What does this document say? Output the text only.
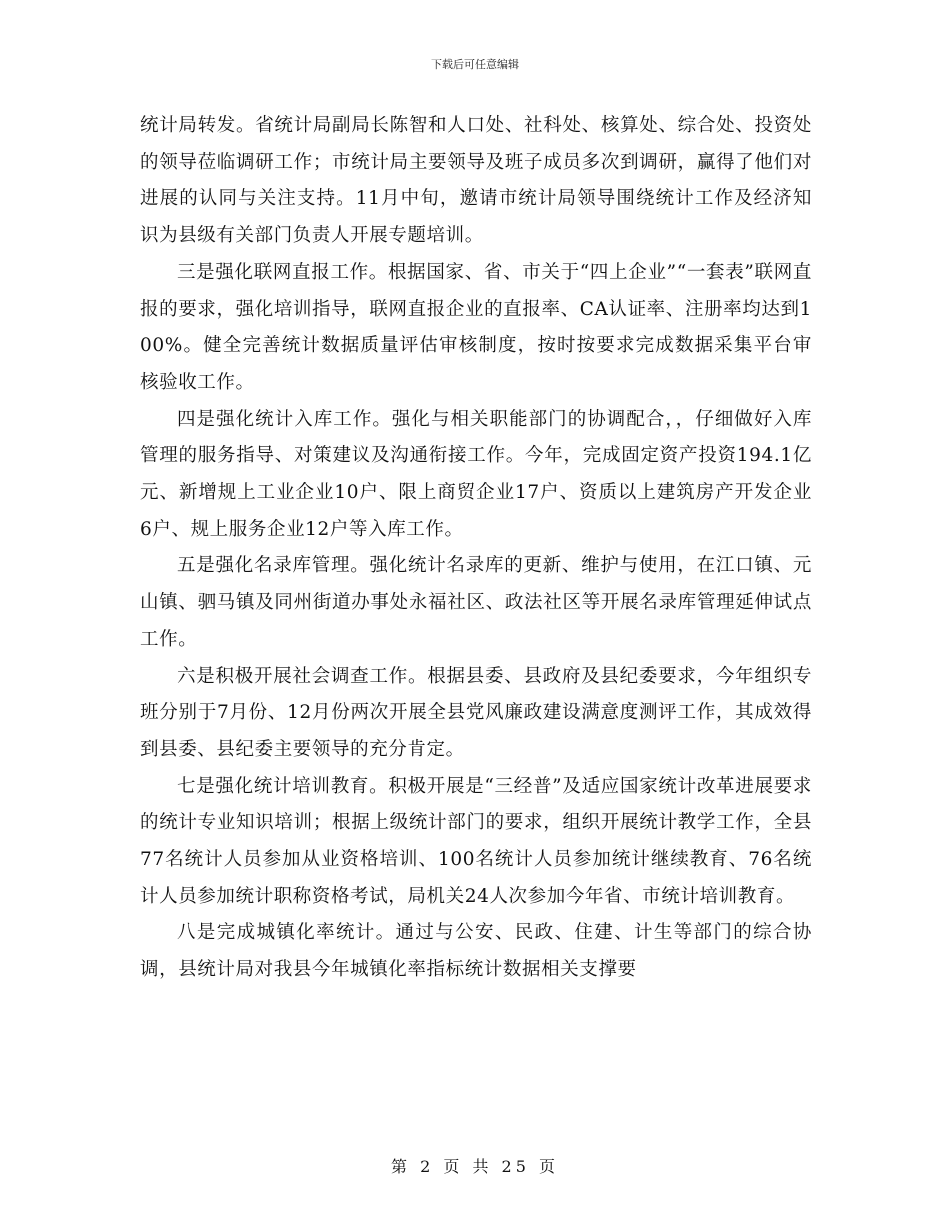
下载后可任意编辑

统计局转发。省统计局副局长陈智和人口处、社科处、核算处、综合处、投资处的领导莅临调研工作；市统计局主要领导及班子成员多次到调研，赢得了他们对进展的认同与关注支持。11月中旬，邀请市统计局领导围绕统计工作及经济知识为县级有关部门负责人开展专题培训。

三是强化联网直报工作。根据国家、省、市关于“四上企业”“一套表”联网直报的要求，强化培训指导，联网直报企业的直报率、CA认证率、注册率均达到100%。健全完善统计数据质量评估审核制度，按时按要求完成数据采集平台审核验收工作。

四是强化统计入库工作。强化与相关职能部门的协调配合，，仔细做好入库管理的服务指导、对策建议及沟通衔接工作。今年，完成固定资产投资194.1亿元、新增规上工业企业10户、限上商贸企业17户、资质以上建筑房产开发企业6户、规上服务企业12户等入库工作。

五是强化名录库管理。强化统计名录库的更新、维护与使用，在江口镇、元山镇、驷马镇及同州街道办事处永福社区、政法社区等开展名录库管理延伸试点工作。

六是积极开展社会调查工作。根据县委、县政府及县纪委要求，今年组织专班分别于7月份、12月份两次开展全县党风廉政建设满意度测评工作，其成效得到县委、县纪委主要领导的充分肯定。

七是强化统计培训教育。积极开展是“三经普”及适应国家统计改革进展要求的统计专业知识培训；根据上级统计部门的要求，组织开展统计教学工作，全县77名统计人员参加从业资格培训、100名统计人员参加统计继续教育、76名统计人员参加统计职称资格考试，局机关24人次参加今年省、市统计培训教育。

八是完成城镇化率统计。通过与公安、民政、住建、计生等部门的综合协调，县统计局对我县今年城镇化率指标统计数据相关支撑要

第 2 页 共 25 页
